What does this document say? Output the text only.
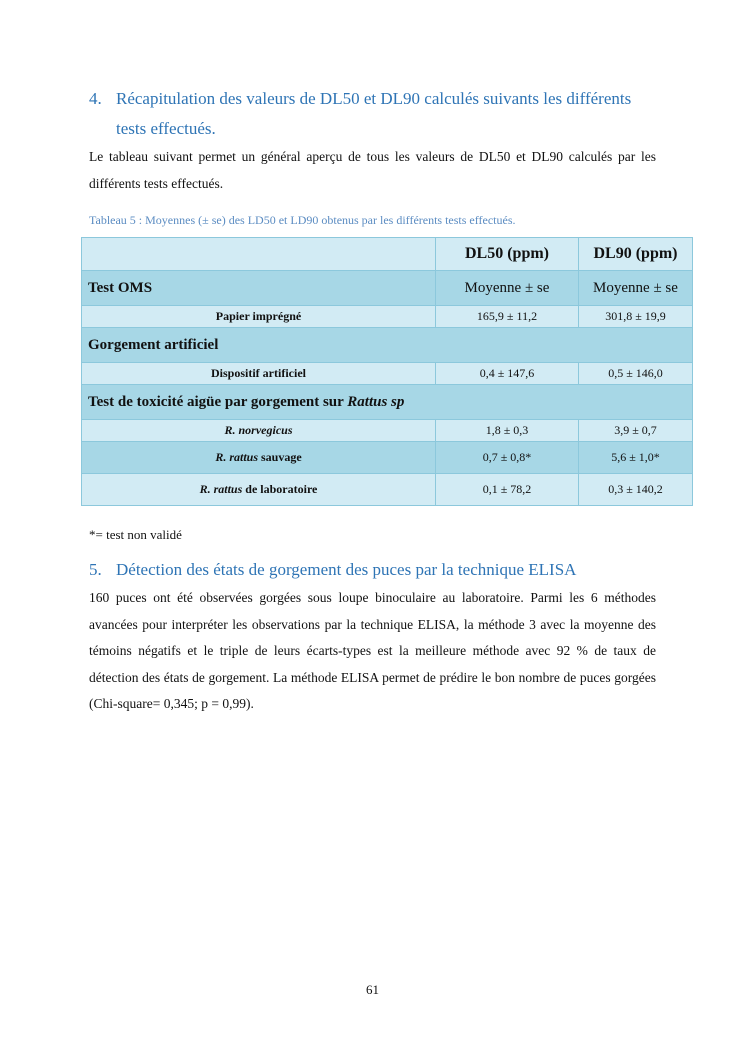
4. Récapitulation des valeurs de DL50 et DL90 calculés suivants les différents
tests effectués.
Le tableau suivant permet un général aperçu de tous les valeurs de DL50 et DL90 calculés par les différents tests effectués.
Tableau 5 : Moyennes (± se) des LD50 et LD90 obtenus par les différents tests effectués.
	DL50 (ppm)	DL90 (ppm)
Test OMS	Moyenne ± se	Moyenne ± se
Papier imprégné	165,9 ± 11,2	301,8 ± 19,9
Gorgement artificiel		
Dispositif artificiel	0,4 ± 147,6	0,5 ± 146,0
Test de toxicité aigüe par gorgement sur Rattus sp		
R. norvegicus	1,8 ± 0,3	3,9 ± 0,7
R. rattus sauvage	0,7 ± 0,8*	5,6 ± 1,0*
R. rattus de laboratoire	0,1 ± 78,2	0,3 ± 140,2
*= test non validé
5. Détection des états de gorgement des puces par la technique ELISA
160 puces ont été observées gorgées sous loupe binoculaire au laboratoire. Parmi les 6 méthodes avancées pour interpréter les observations par la technique ELISA, la méthode 3 avec la moyenne des témoins négatifs et le triple de leurs écarts-types est la meilleure méthode avec 92 % de taux de détection des états de gorgement. La méthode ELISA permet de prédire le bon nombre de puces gorgées (Chi-square= 0,345; p = 0,99).
61
